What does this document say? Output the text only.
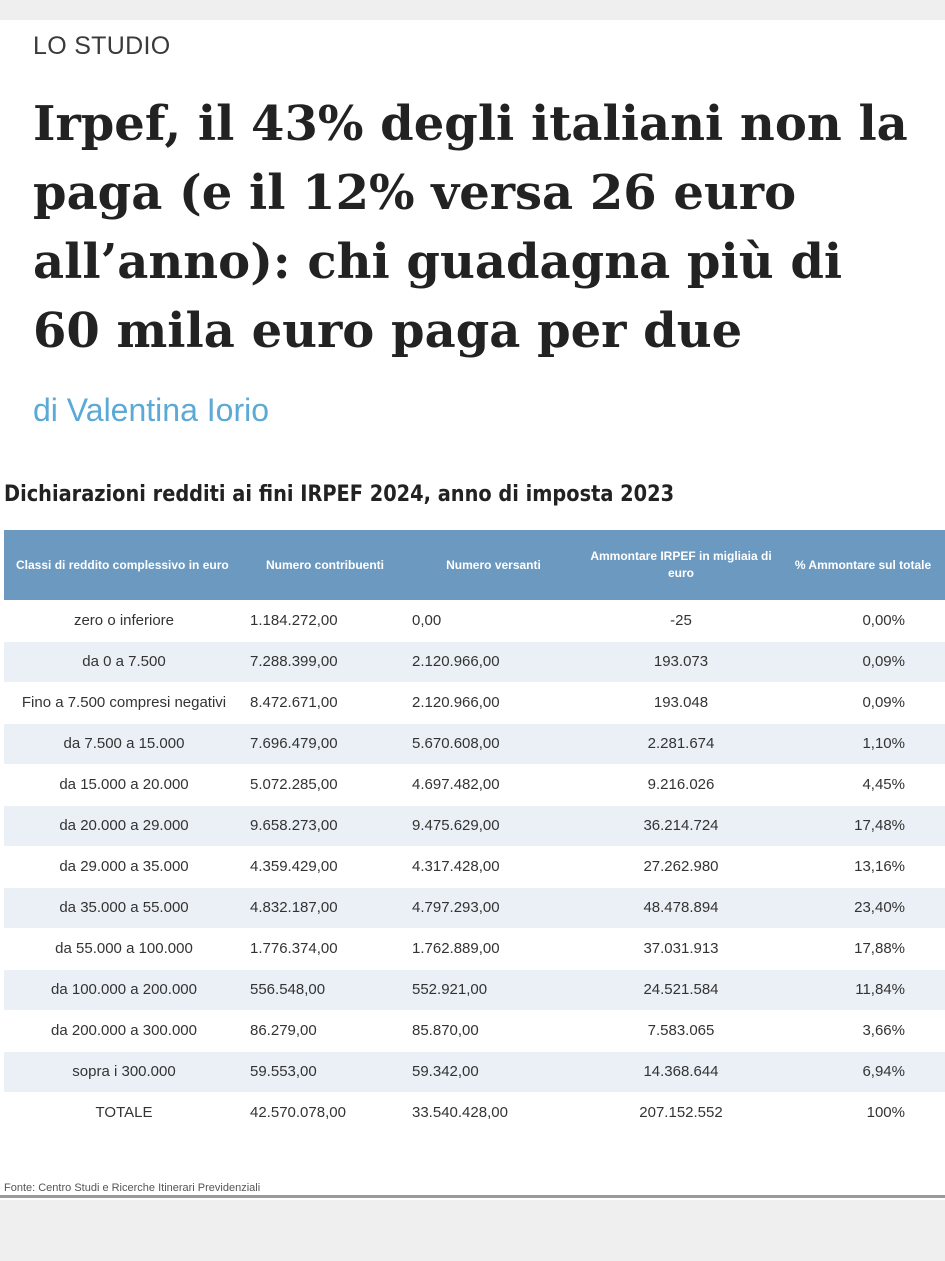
LO STUDIO
Irpef, il 43% degli italiani non la paga (e il 12% versa 26 euro all’anno): chi guadagna più di 60 mila euro paga per due
di Valentina Iorio
Dichiarazioni redditi ai fini IRPEF 2024, anno di imposta 2023
Classi di reddito complessivo in euro	Numero contribuenti	Numero versanti	Ammontare IRPEF in migliaia di euro	% Ammontare sul totale
zero o inferiore	1.184.272,00	0,00	-25	0,00%
da 0 a 7.500	7.288.399,00	2.120.966,00	193.073	0,09%
Fino a 7.500 compresi negativi	8.472.671,00	2.120.966,00	193.048	0,09%
da 7.500 a 15.000	7.696.479,00	5.670.608,00	2.281.674	1,10%
da 15.000 a 20.000	5.072.285,00	4.697.482,00	9.216.026	4,45%
da 20.000 a 29.000	9.658.273,00	9.475.629,00	36.214.724	17,48%
da 29.000 a 35.000	4.359.429,00	4.317.428,00	27.262.980	13,16%
da 35.000 a 55.000	4.832.187,00	4.797.293,00	48.478.894	23,40%
da 55.000 a 100.000	1.776.374,00	1.762.889,00	37.031.913	17,88%
da 100.000 a 200.000	556.548,00	552.921,00	24.521.584	11,84%
da 200.000 a 300.000	86.279,00	85.870,00	7.583.065	3,66%
sopra i 300.000	59.553,00	59.342,00	14.368.644	6,94%
TOTALE	42.570.078,00	33.540.428,00	207.152.552	100%
Fonte: Centro Studi e Ricerche Itinerari Previdenziali
